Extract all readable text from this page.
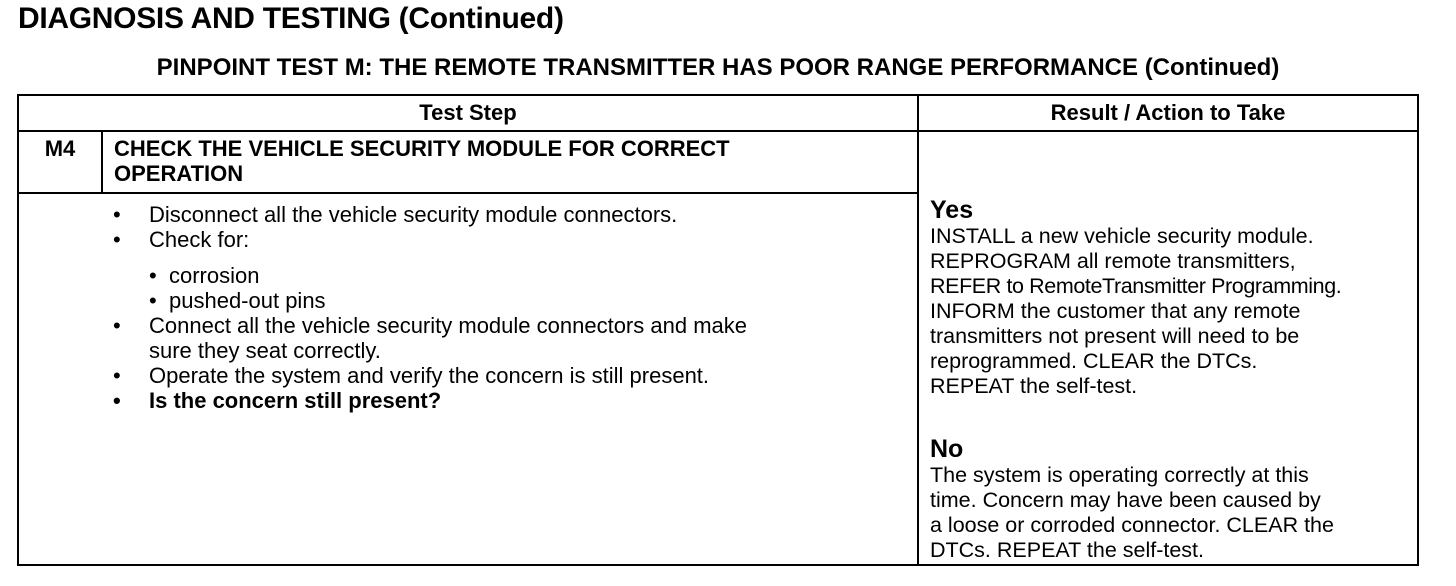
DIAGNOSIS AND TESTING (Continued)
PINPOINT TEST M: THE REMOTE TRANSMITTER HAS POOR RANGE PERFORMANCE (Continued)
Test Step	Result / Action to Take
M4	CHECK THE VEHICLE SECURITY MODULE FOR CORRECT
OPERATION
• Disconnect all the vehicle security module connectors.
• Check for:
• corrosion
• pushed-out pins
• Connect all the vehicle security module connectors and make
sure they seat correctly.
• Operate the system and verify the concern is still present.
• Is the concern still present?
Yes
INSTALL a new vehicle security module.
REPROGRAM all remote transmitters,
REFER to RemoteTransmitter Programming.
INFORM the customer that any remote
transmitters not present will need to be
reprogrammed. CLEAR the DTCs.
REPEAT the self-test.
No
The system is operating correctly at this
time. Concern may have been caused by
a loose or corroded connector. CLEAR the
DTCs. REPEAT the self-test.
